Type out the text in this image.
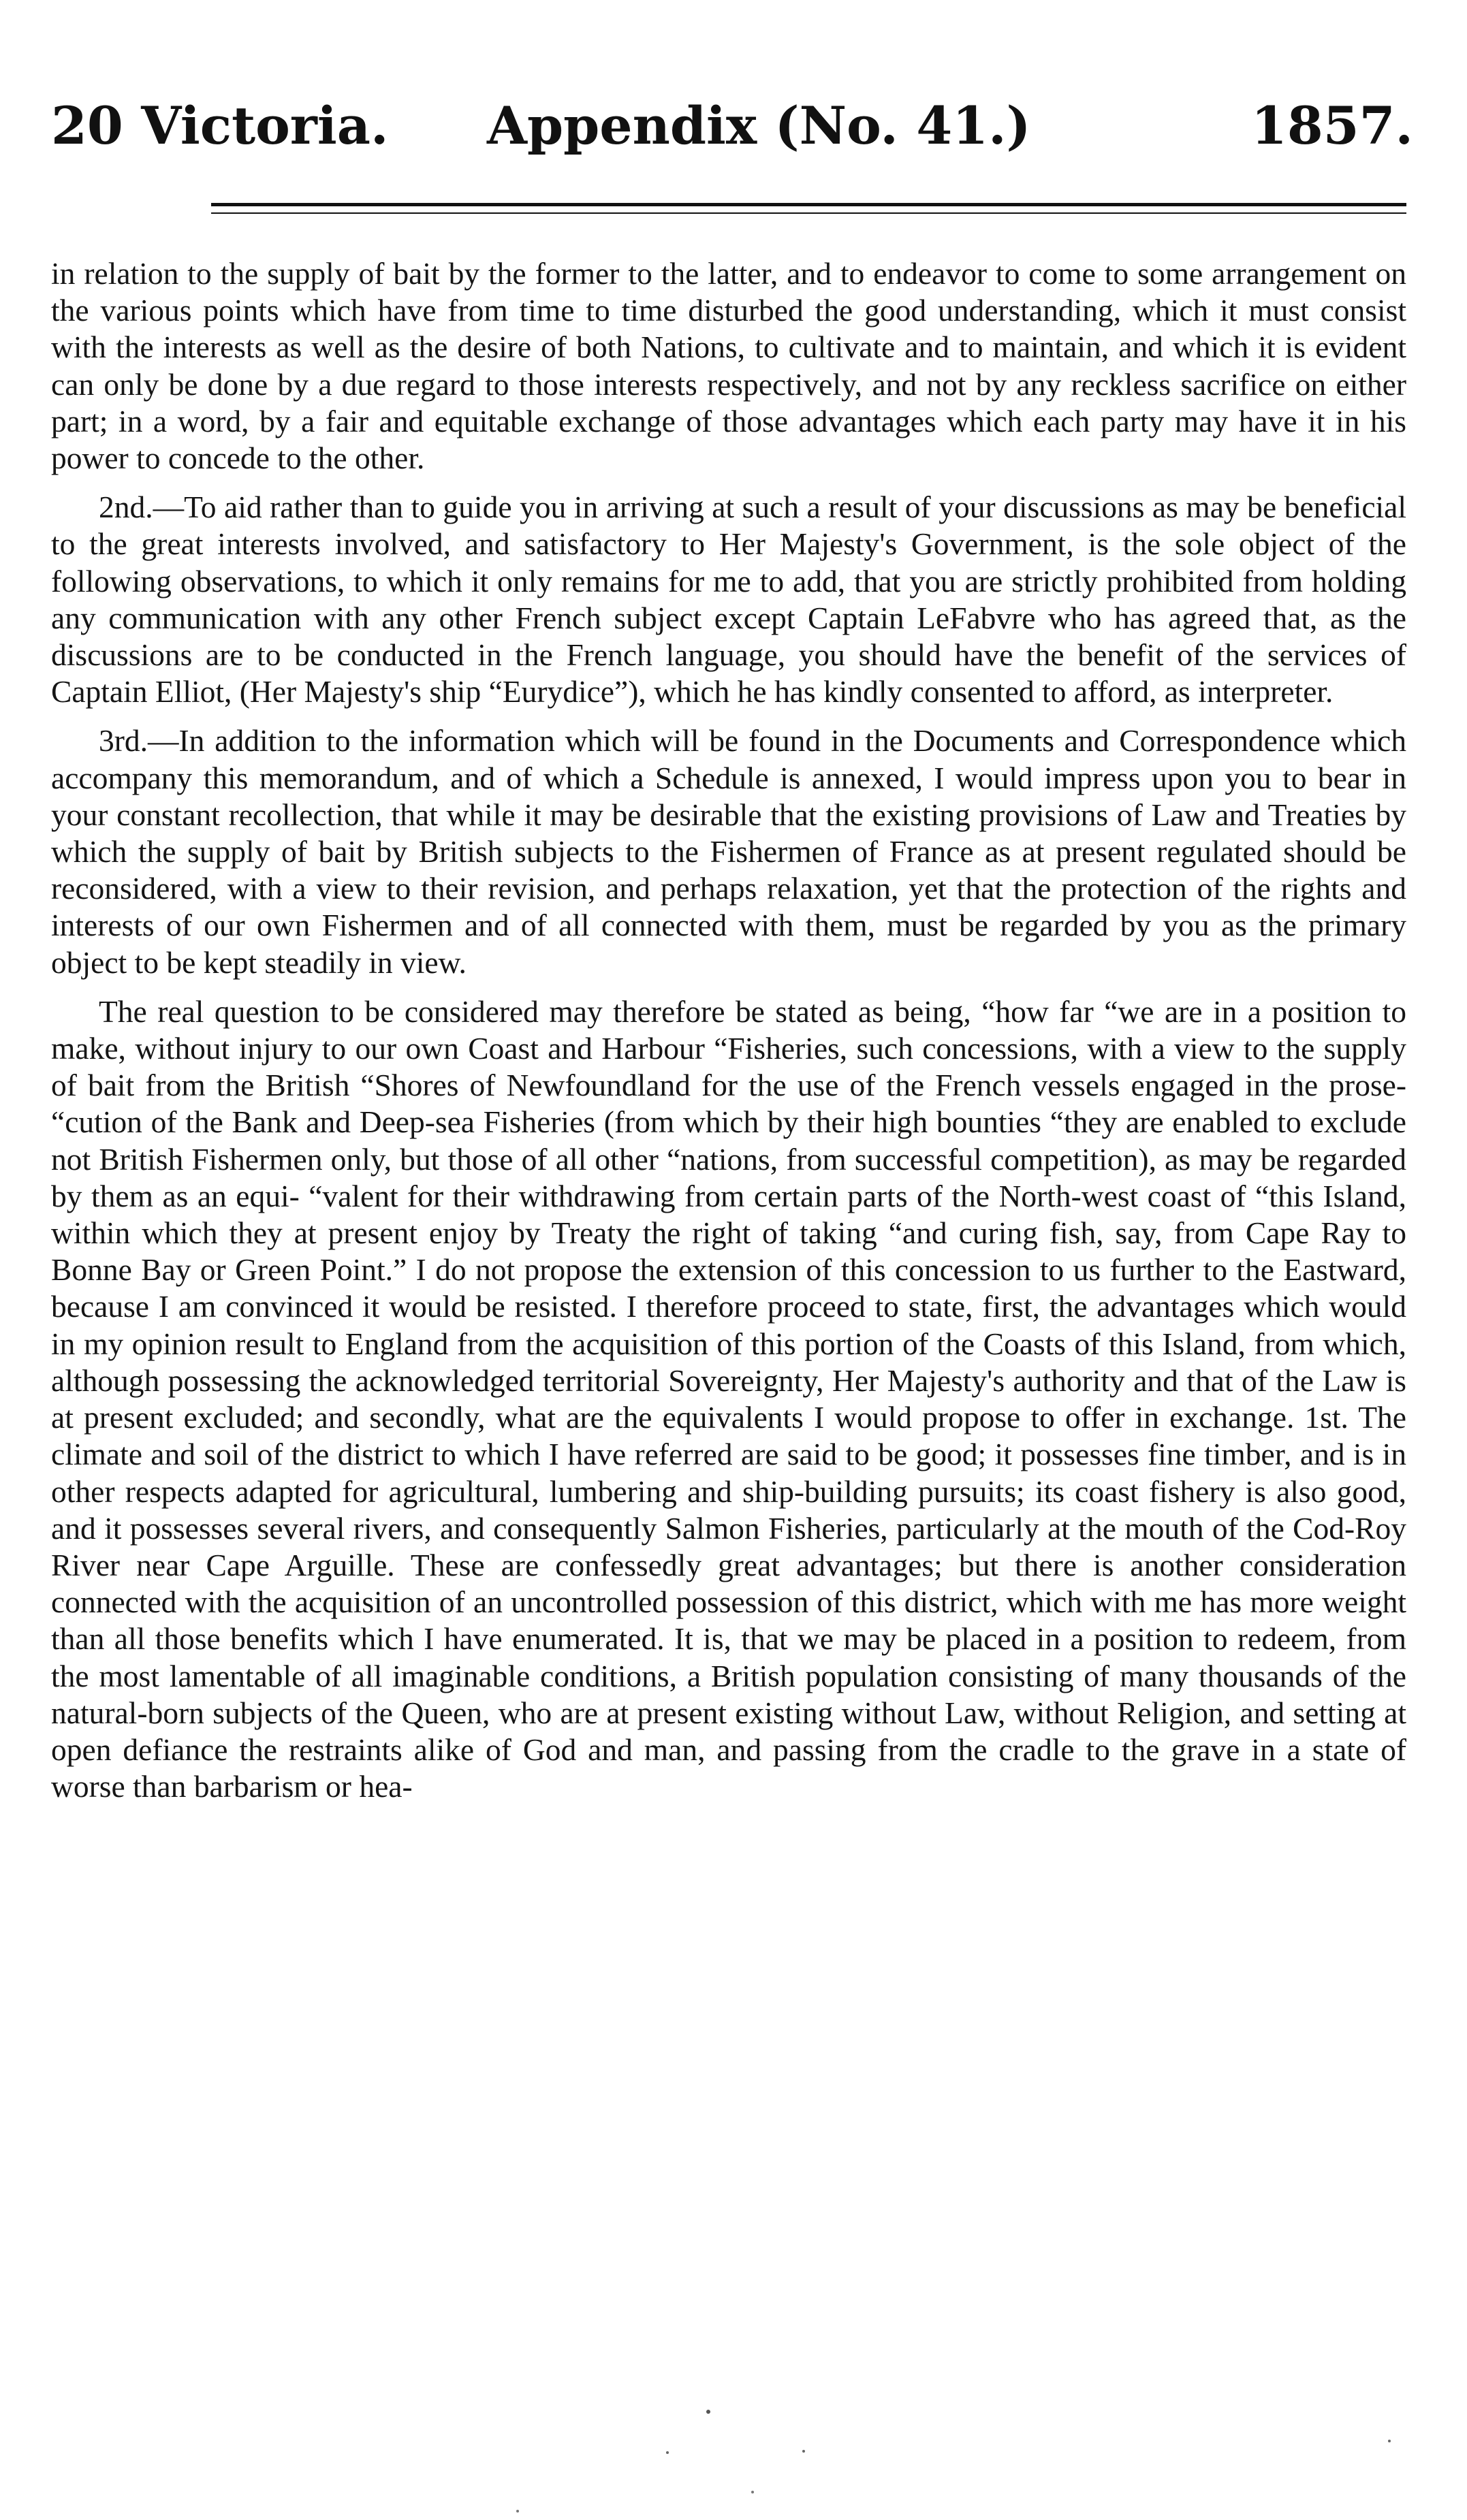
20 Victoria. Appendix (No. 41.)	1857.

in relation to the supply of bait by the former to the latter, and to endeavor to come to some arrangement on the various points which have from time to time disturbed the good understanding, which it must consist with the interests as well as the desire of both Nations, to cultivate and to maintain, and which it is evident can only be done by a due regard to those interests respectively, and not by any reckless sacrifice on either part; in a word, by a fair and equitable exchange of those advantages which each party may have it in his power to concede to the other.

2nd.—To aid rather than to guide you in arriving at such a result of your discussions as may be beneficial to the great interests involved, and satisfactory to Her Majesty's Government, is the sole object of the following observations, to which it only remains for me to add, that you are strictly prohibited from holding any communication with any other French subject except Captain LeFabvre who has agreed that, as the discussions are to be conducted in the French language, you should have the benefit of the services of Captain Elliot, (Her Majesty's ship “Eurydice”), which he has kindly consented to afford, as interpreter.

3rd.—In addition to the information which will be found in the Documents and Correspondence which accompany this memorandum, and of which a Schedule is annexed, I would impress upon you to bear in your constant recollection, that while it may be desirable that the existing provisions of Law and Treaties by which the supply of bait by British subjects to the Fishermen of France as at present regulated should be reconsidered, with a view to their revision, and perhaps relaxation, yet that the protection of the rights and interests of our own Fishermen and of all connected with them, must be regarded by you as the primary object to be kept steadily in view.

The real question to be considered may therefore be stated as being, “how far “we are in a position to make, without injury to our own Coast and Harbour “Fisheries, such concessions, with a view to the supply of bait from the British “Shores of Newfoundland for the use of the French vessels engaged in the prose- “cution of the Bank and Deep-sea Fisheries (from which by their high bounties “they are enabled to exclude not British Fishermen only, but those of all other “nations, from successful competition), as may be regarded by them as an equi- “valent for their withdrawing from certain parts of the North-west coast of “this Island, within which they at present enjoy by Treaty the right of taking “and curing fish, say, from Cape Ray to Bonne Bay or Green Point.” I do not propose the extension of this concession to us further to the Eastward, because I am convinced it would be resisted. I therefore proceed to state, first, the advantages which would in my opinion result to England from the acquisition of this portion of the Coasts of this Island, from which, although possessing the acknowledged territorial Sovereignty, Her Majesty's authority and that of the Law is at present excluded; and secondly, what are the equivalents I would propose to offer in exchange. 1st. The climate and soil of the district to which I have referred are said to be good; it possesses fine timber, and is in other respects adapted for agricultural, lumbering and ship-building pursuits; its coast fishery is also good, and it possesses several rivers, and consequently Salmon Fisheries, particularly at the mouth of the Cod-Roy River near Cape Arguille. These are confessedly great advantages; but there is another consideration connected with the acquisition of an uncontrolled possession of this district, which with me has more weight than all those benefits which I have enumerated. It is, that we may be placed in a position to redeem, from the most lamentable of all imaginable conditions, a British population consisting of many thousands of the natural-born subjects of the Queen, who are at present existing without Law, without Religion, and setting at open defiance the restraints alike of God and man, and passing from the cradle to the grave in a state of worse than barbarism or hea-
